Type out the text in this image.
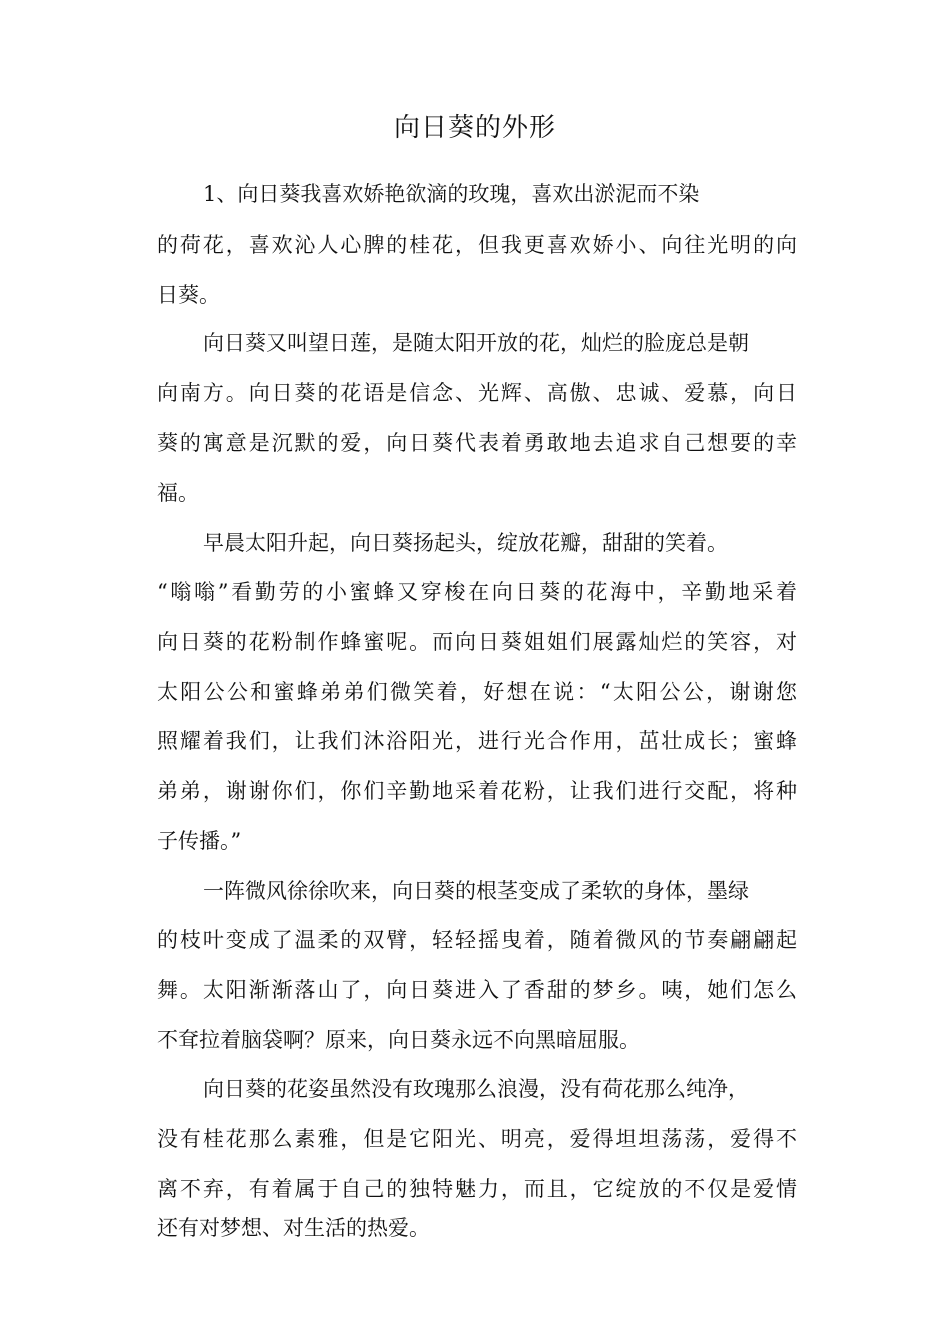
向日葵的外形
1、向日葵我喜欢娇艳欲滴的玫瑰，喜欢出淤泥而不染
的荷花，喜欢沁人心脾的桂花，但我更喜欢娇小、向往光明的向
日葵。
向日葵又叫望日莲，是随太阳开放的花，灿烂的脸庞总是朝
向南方。向日葵的花语是信念、光辉、高傲、忠诚、爱慕，向日
葵的寓意是沉默的爱，向日葵代表着勇敢地去追求自己想要的幸
福。
早晨太阳升起，向日葵扬起头，绽放花瓣，甜甜的笑着。
“嗡嗡”看勤劳的小蜜蜂又穿梭在向日葵的花海中，辛勤地采着
向日葵的花粉制作蜂蜜呢。而向日葵姐姐们展露灿烂的笑容，对
太阳公公和蜜蜂弟弟们微笑着，好想在说：“太阳公公，谢谢您
照耀着我们，让我们沐浴阳光，进行光合作用，茁壮成长；蜜蜂
弟弟，谢谢你们，你们辛勤地采着花粉，让我们进行交配，将种
子传播。”
一阵微风徐徐吹来，向日葵的根茎变成了柔软的身体，墨绿
的枝叶变成了温柔的双臂，轻轻摇曳着，随着微风的节奏翩翩起
舞。太阳渐渐落山了，向日葵进入了香甜的梦乡。咦，她们怎么
不耷拉着脑袋啊？原来，向日葵永远不向黑暗屈服。
向日葵的花姿虽然没有玫瑰那么浪漫，没有荷花那么纯净，
没有桂花那么素雅，但是它阳光、明亮，爱得坦坦荡荡，爱得不
离不弃，有着属于自己的独特魅力，而且，它绽放的不仅是爱情
还有对梦想、对生活的热爱。
